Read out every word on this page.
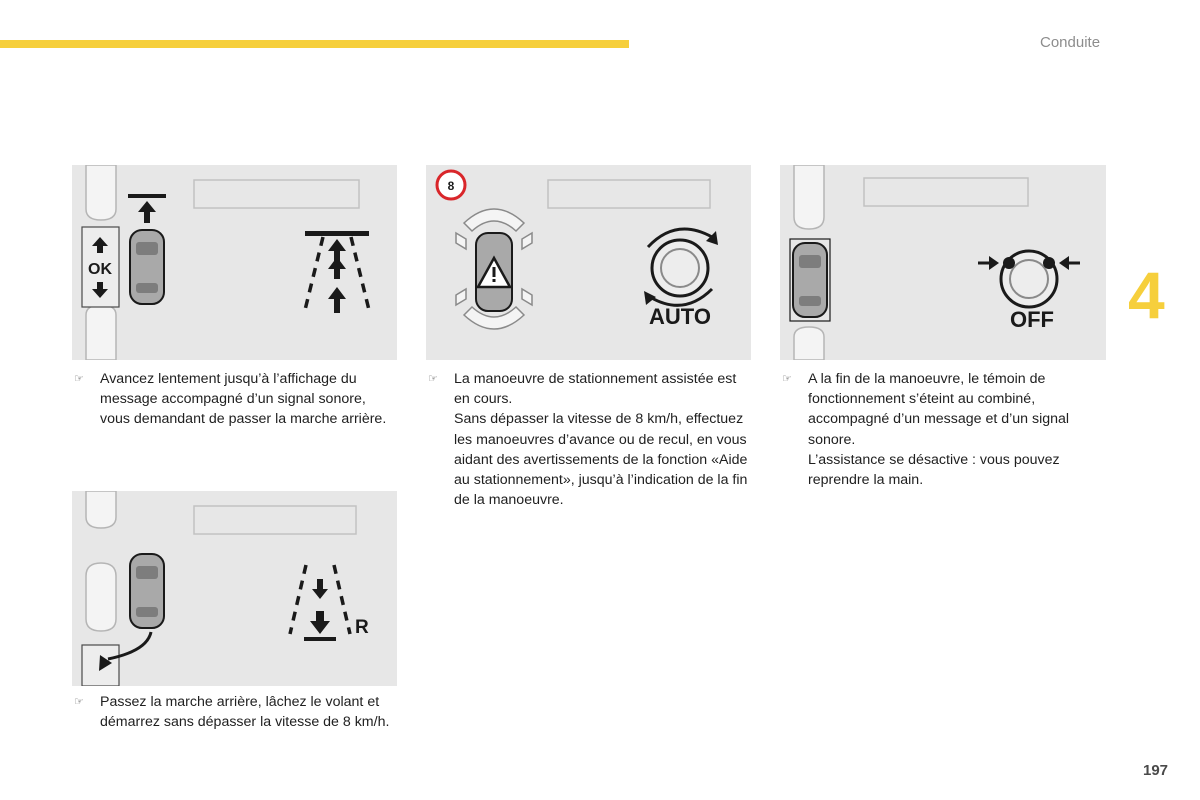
Conduite
4
197
OK
R
8
AUTO	OFF
☞ Avancez lentement jusqu’à l’affichage du message accompagné d’un signal sonore, vous demandant de passer la marche arrière.

☞ Passez la marche arrière, lâchez le volant et démarrez sans dépasser la vitesse de 8 km/h.

☞ La manoeuvre de stationnement assistée est en cours.

Sans dépasser la vitesse de 8 km/h, effectuez les manoeuvres d’avance ou de recul, en vous aidant des avertissements de la fonction «Aide au stationnement», jusqu’à l’indication de la fin de la manoeuvre.

☞ A la fin de la manoeuvre, le témoin de fonctionnement s’éteint au combiné, accompagné d’un message et d’un signal sonore.

L’assistance se désactive : vous pouvez reprendre la main.
